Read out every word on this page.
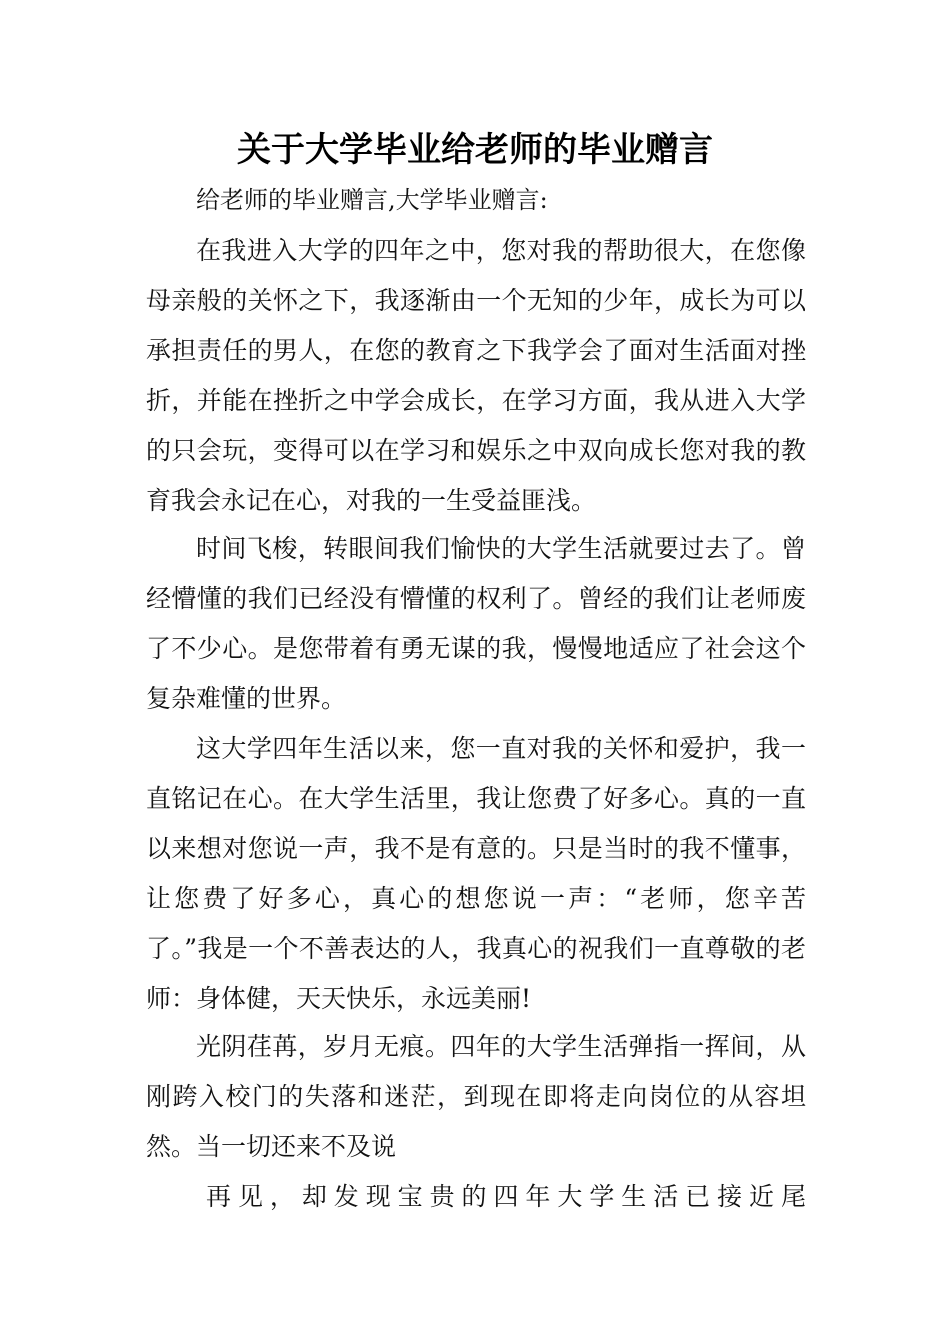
关于大学毕业给老师的毕业赠言

给老师的毕业赠言,大学毕业赠言:

在我进入大学的四年之中，您对我的帮助很大，在您像母亲般的关怀之下，我逐渐由一个无知的少年，成长为可以承担责任的男人，在您的教育之下我学会了面对生活面对挫折，并能在挫折之中学会成长，在学习方面，我从进入大学的只会玩，变得可以在学习和娱乐之中双向成长您对我的教育我会永记在心，对我的一生受益匪浅。

时间飞梭，转眼间我们愉快的大学生活就要过去了。曾经懵懂的我们已经没有懵懂的权利了。曾经的我们让老师废了不少心。是您带着有勇无谋的我，慢慢地适应了社会这个复杂难懂的世界。

这大学四年生活以来，您一直对我的关怀和爱护，我一直铭记在心。在大学生活里，我让您费了好多心。真的一直以来想对您说一声，我不是有意的。只是当时的我不懂事，让您费了好多心，真心的想您说一声：“老师，您辛苦了。”我是一个不善表达的人，我真心的祝我们一直尊敬的老师：身体健，天天快乐，永远美丽!

光阴荏苒，岁月无痕。四年的大学生活弹指一挥间，从刚跨入校门的失落和迷茫，到现在即将走向岗位的从容坦然。当一切还来不及说

再见，却发现宝贵的四年大学生活已接近尾
